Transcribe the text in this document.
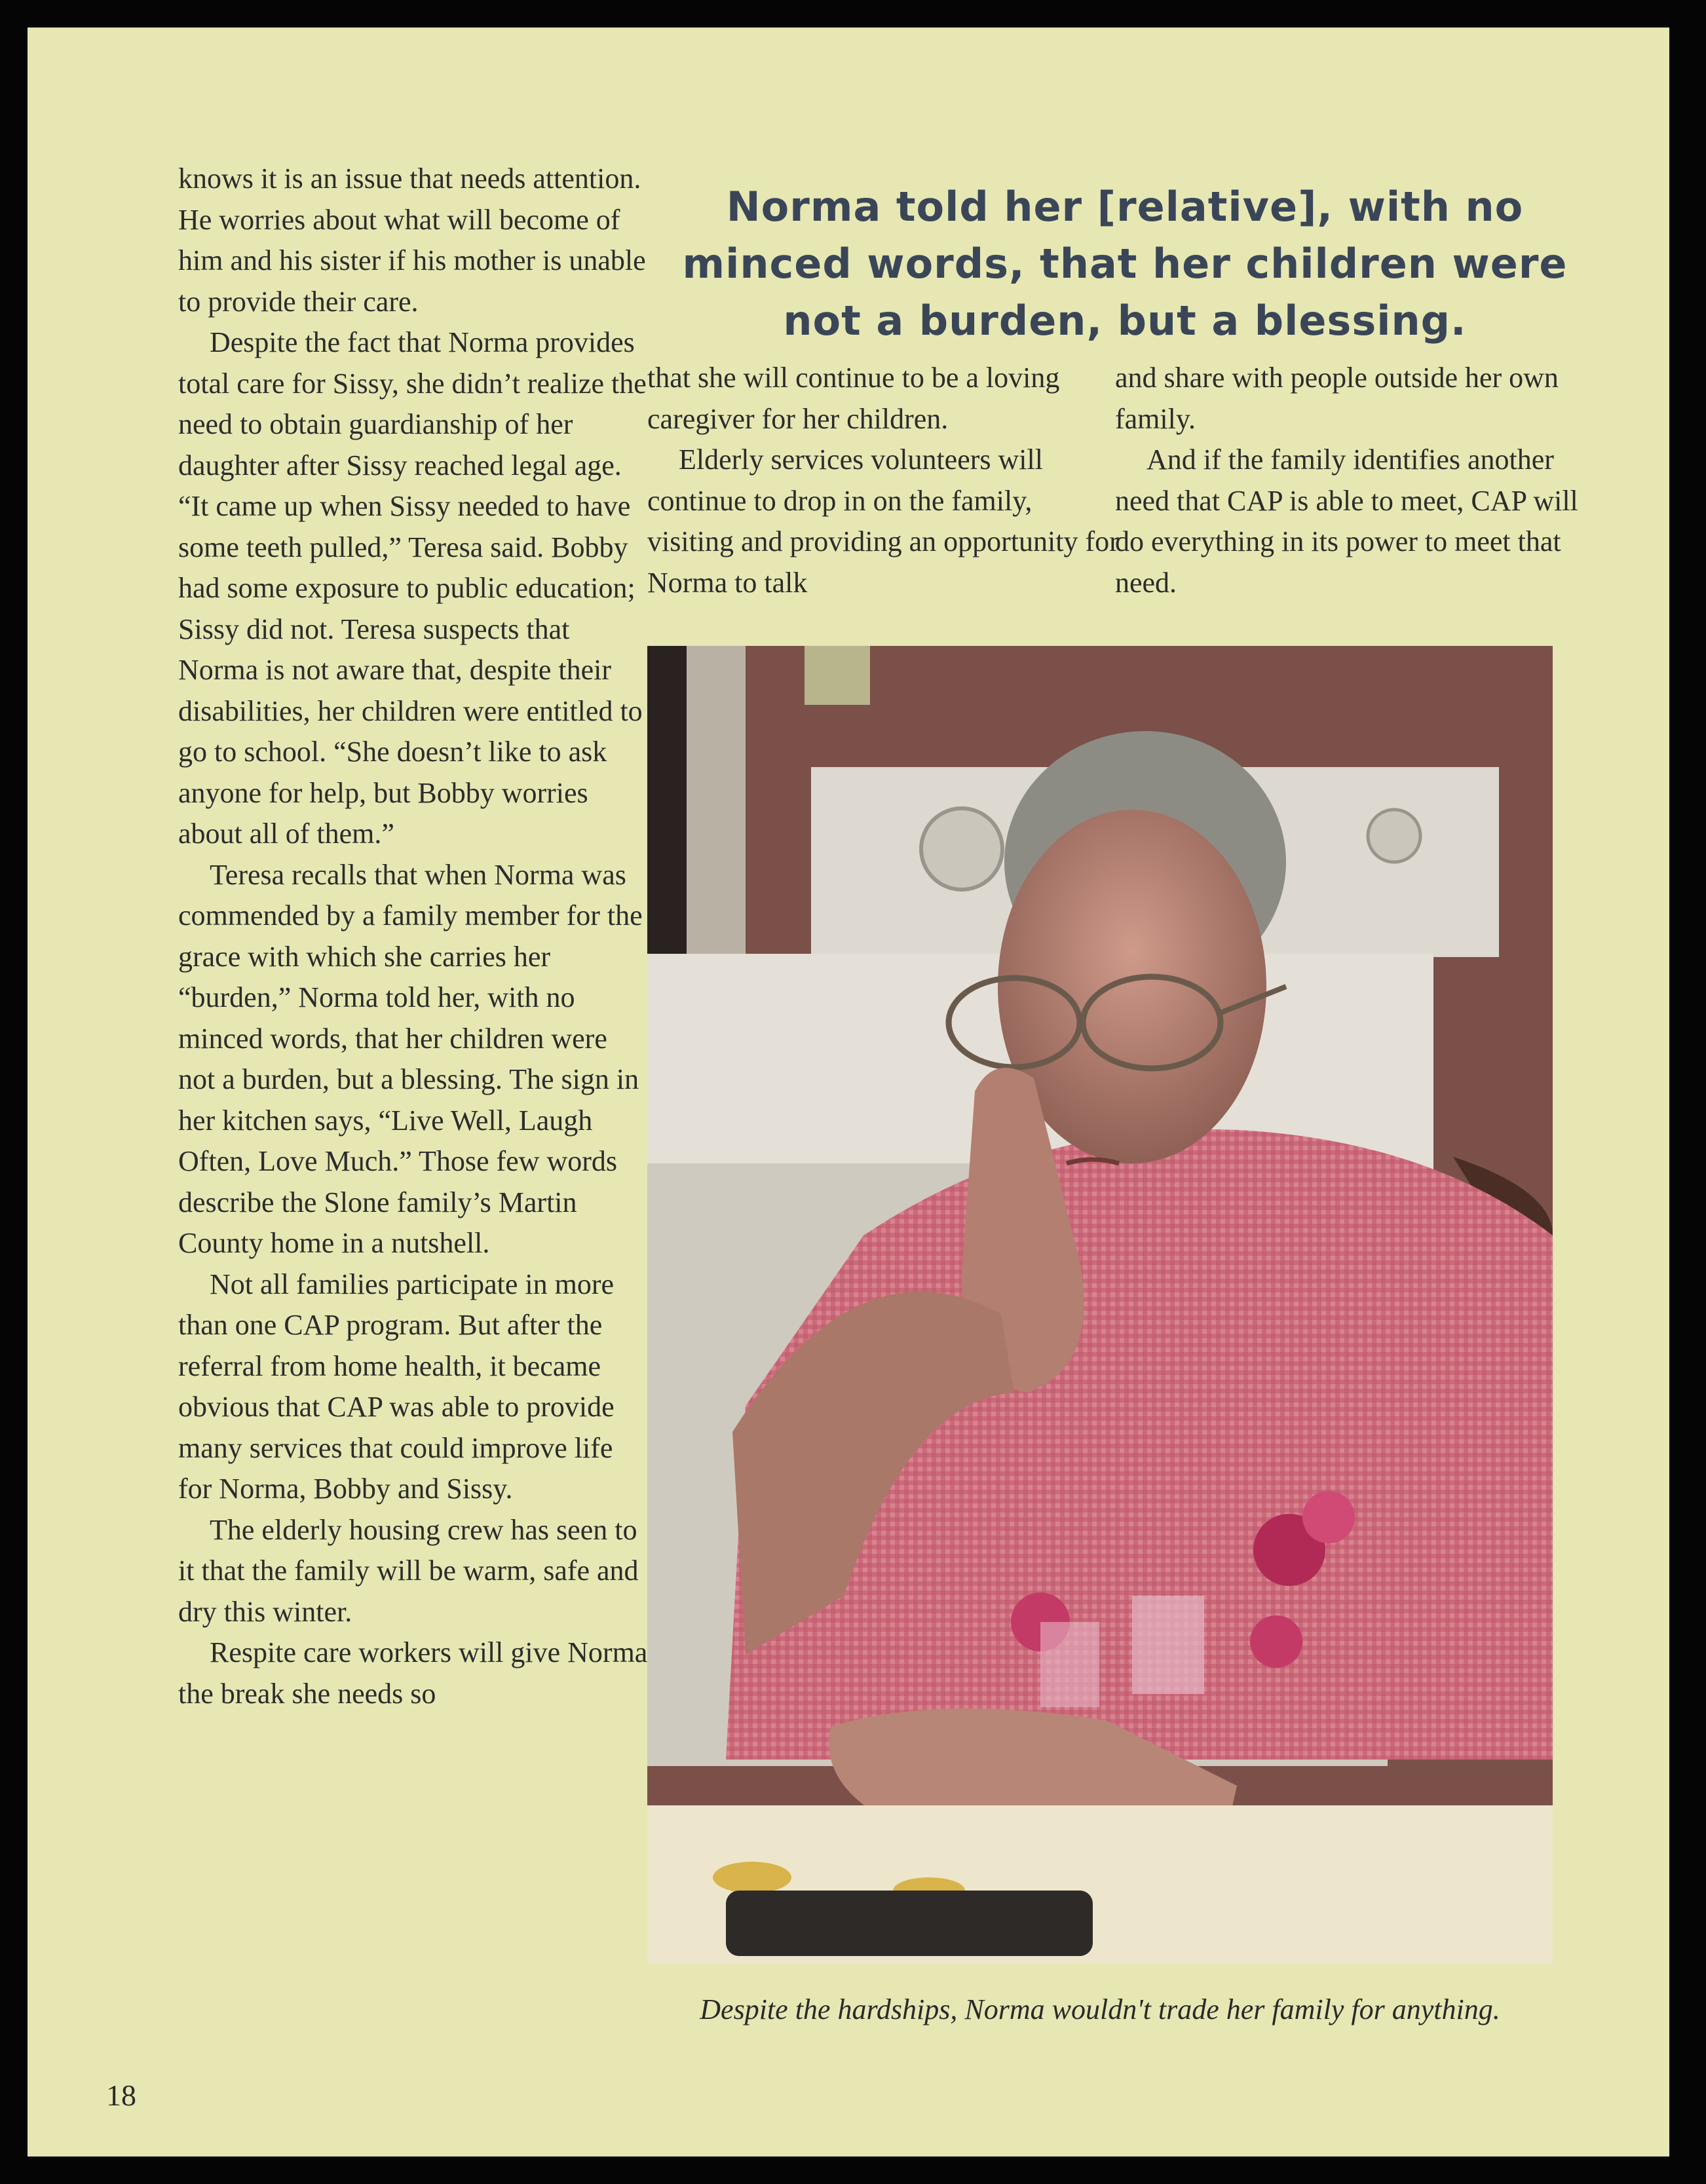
knows it is an issue that needs attention. He worries about what will become of him and his sister if his mother is unable to provide their care.

Despite the fact that Norma provides total care for Sissy, she didn’t realize the need to obtain guardianship of her daughter after Sissy reached legal age. “It came up when Sissy needed to have some teeth pulled,” Teresa said. Bobby had some exposure to public education; Sissy did not. Teresa suspects that Norma is not aware that, despite their disabilities, her children were entitled to go to school. “She doesn’t like to ask anyone for help, but Bobby worries about all of them.”

Teresa recalls that when Norma was commended by a family member for the grace with which she carries her “burden,” Norma told her, with no minced words, that her children were not a burden, but a blessing. The sign in her kitchen says, “Live Well, Laugh Often, Love Much.” Those few words describe the Slone family’s Martin County home in a nutshell.

Not all families participate in more than one CAP program. But after the referral from home health, it became obvious that CAP was able to provide many services that could improve life for Norma, Bobby and Sissy.

The elderly housing crew has seen to it that the family will be warm, safe and dry this winter.

Respite care workers will give Norma the break she needs so

Norma told her [relative], with no minced words, that her children were not a burden, but a blessing.

that she will continue to be a loving caregiver for her children.

Elderly services volunteers will continue to drop in on the family, visiting and providing an opportunity for Norma to talk

and share with people outside her own family.

And if the family identifies another need that CAP is able to meet, CAP will do everything in its power to meet that need.

Despite the hardships, Norma wouldn't trade her family for anything.
18
